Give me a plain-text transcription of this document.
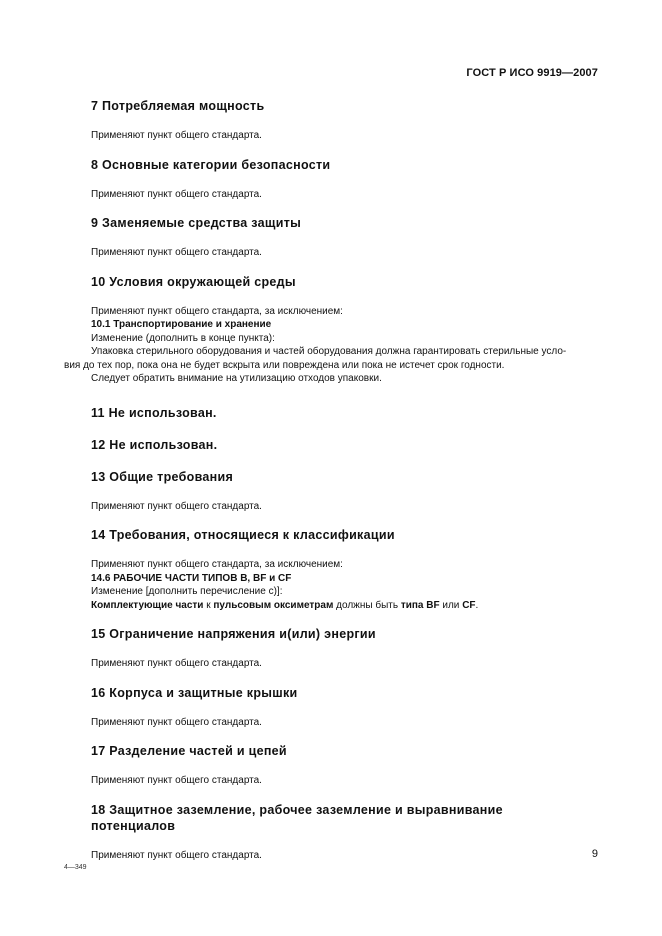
ГОСТ Р ИСО 9919—2007
7 Потребляемая мощность

Применяют пункт общего стандарта.

8 Основные категории безопасности

Применяют пункт общего стандарта.

9 Заменяемые средства защиты

Применяют пункт общего стандарта.

10 Условия окружающей среды

Применяют пункт общего стандарта, за исключением:

10.1 Транспортирование и хранение

Изменение (дополнить в конце пункта):

Упаковка стерильного оборудования и частей оборудования должна гарантировать стерильные усло-

вия до тех пор, пока она не будет вскрыта или повреждена или пока не истечет срок годности.

Следует обратить внимание на утилизацию отходов упаковки.

11 Не использован.
12 Не использован.
13 Общие требования

Применяют пункт общего стандарта.

14 Требования, относящиеся к классификации

Применяют пункт общего стандарта, за исключением:

14.6 РАБОЧИЕ ЧАСТИ ТИПОВ B, BF и CF

Изменение [дополнить перечисление с)]:

Комплектующие части к пульсовым оксиметрам должны быть типа BF или CF.

15 Ограничение напряжения и(или) энергии

Применяют пункт общего стандарта.

16 Корпуса и защитные крышки

Применяют пункт общего стандарта.

17 Разделение частей и цепей

Применяют пункт общего стандарта.

18 Защитное заземление, рабочее заземление и выравнивание
потенциалов

Применяют пункт общего стандарта.

4—349
9
